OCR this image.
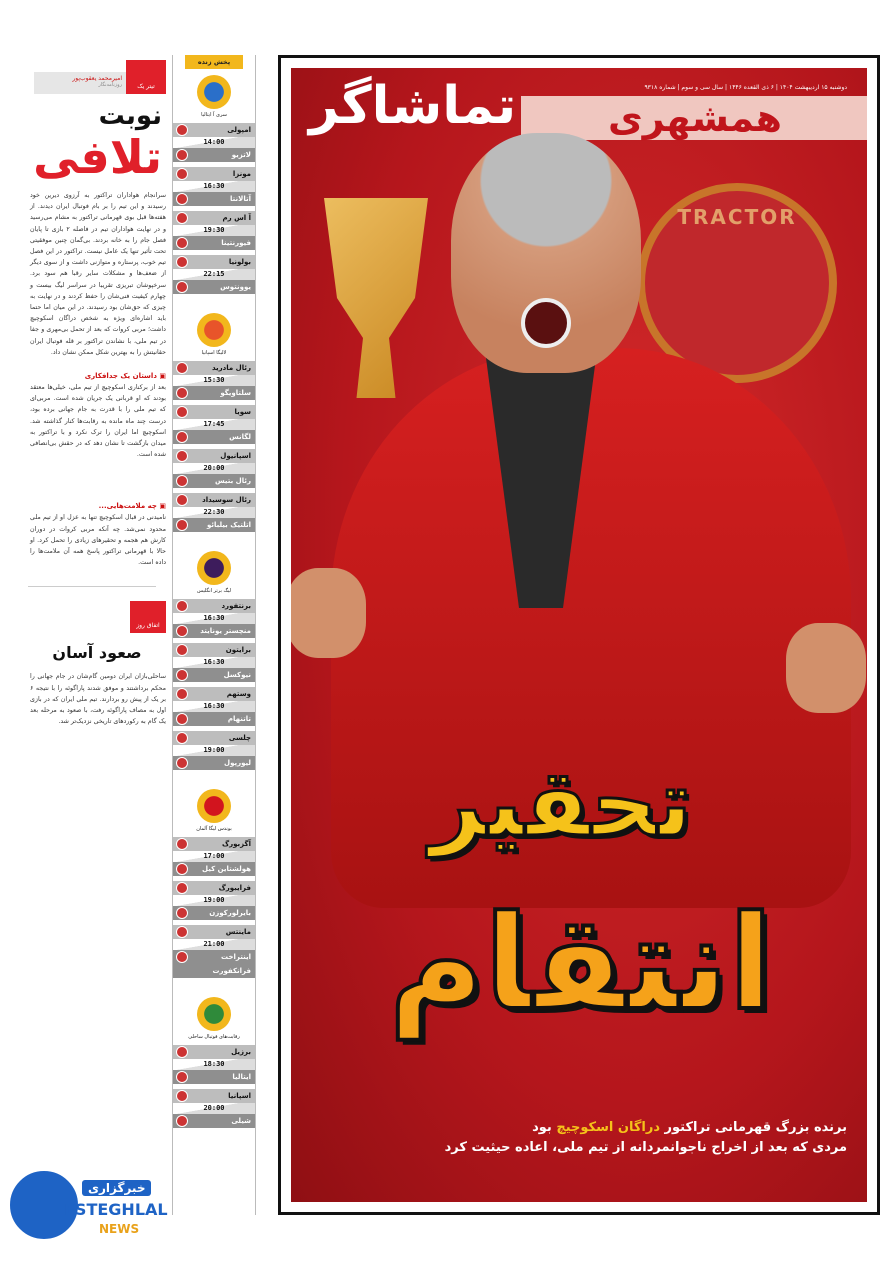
تیتر یک
امیرمحمد یعقوب‌پور
روزنامه‌نگار
نوبت
تلافی

سرانجام هواداران تراکتور به آرزوی دیرین خود رسیدند و این تیم را بر بام فوتبال ایران دیدند. از هفته‌ها قبل بوی قهرمانی تراکتور به مشام می‌رسید و در نهایت هواداران تیم در فاصله ۲ بازی تا پایان فصل جام را به خانه بردند. بی‌گمان چنین موفقیتی تحت تأثیر تنها یک عامل نیست. تراکتور در این فصل تیم خوب، پرستاره و متوازنی داشت و از سوی دیگر از ضعف‌ها و مشکلات سایر رقبا هم سود برد. سرخپوشان تبریزی تقریبا در سراسر لیگ بیست و چهارم کیفیت فنی‌شان را حفظ کردند و در نهایت به چیزی که حق‌شان بود رسیدند. در این میان اما حتما باید اشاره‌ای ویژه به شخص دراگان اسکوچیچ داشت؛ مربی کروات که بعد از تحمل بی‌مهری و جفا در تیم ملی، با نشاندن تراکتور بر قله فوتبال ایران حقانیتش را به بهترین شکل ممکن نشان داد.

▣ داستان یک جدافکاری

بعد از برکناری اسکوچیچ از تیم ملی، خیلی‌ها معتقد بودند که او قربانی یک جریان شده است. مربی‌ای که تیم ملی را با قدرت به جام جهانی برده بود، درست چند ماه مانده به رقابت‌ها کنار گذاشته شد. اسکوچیچ اما ایران را ترک نکرد و با تراکتور به میدان بازگشت تا نشان دهد که در حقش بی‌انصافی شده است.

▣ چه ملامت‌هایی...

نامیدنی در قبال اسکوچیچ تنها به عزل او از تیم ملی محدود نمی‌شد. چه آنکه مربی کروات در دوران کارش هم هجمه و تحقیرهای زیادی را تحمل کرد. او حالا با قهرمانی تراکتور پاسخ همه آن ملامت‌ها را داده است.

اتفاق روز
صعود آسان

ساحلی‌بازان ایران دومین گام‌شان در جام جهانی را محکم برداشتند و موفق شدند پاراگوئه را با نتیجه ۶ بر یک از پیش رو بردارند. تیم ملی ایران که در بازی اول به مصاف پاراگوئه رفت، با صعود به مرحله بعد یک گام به رکوردهای تاریخی نزدیک‌تر شد.

پخش زنده
سری آ ایتالیا
امپولی
14:00
لاتزیو
مونزا
16:30
آتالانتا
آ اس رم
19:30
فیورنتینا
بولونیا
22:15
یوونتوس
لالیگا اسپانیا
رئال مادرید
15:30
سلتاویگو
سویا
17:45
لگانس
اسپانیول
20:00
رئال بتیس
رئال سوسیداد
22:30
اتلتیک بیلبائو
لیگ برتر انگلیس
برنتفورد
16:30
منچستر یونایتد
برایتون
16:30
نیوکسل
وستهم
16:30
تاتنهام
چلسی
19:00
لیورپول
بوندس لیگا آلمان
آگزبورگ
17:00
هولشتاین کیل
فرایبورگ
19:00
بایرلورکوزن
ماینتس
21:00
اینتراخت فرانکفورت
رقابت‌های فوتبال ساحلی
برزیل
18:30
ایتالیا
اسپانیا
20:00
شیلی
همشهری
تماشاگر	دوشنبه ۱۵ اردیبهشت ۱۴۰۴ | ۶ ذی القعده ۱۴۴۶ | سال سی و سوم | شماره ۹۳۱۸
TRACTOR
تحقیر
انتقام
برنده بزرگ قهرمانی تراکتور دراگان اسکوچیچ بود
مردی که بعد از اخراج ناجوانمردانه از تیم ملی، اعاده حیثیت کرد
خبرگزاری
ESTEGHLAL
NEWS
